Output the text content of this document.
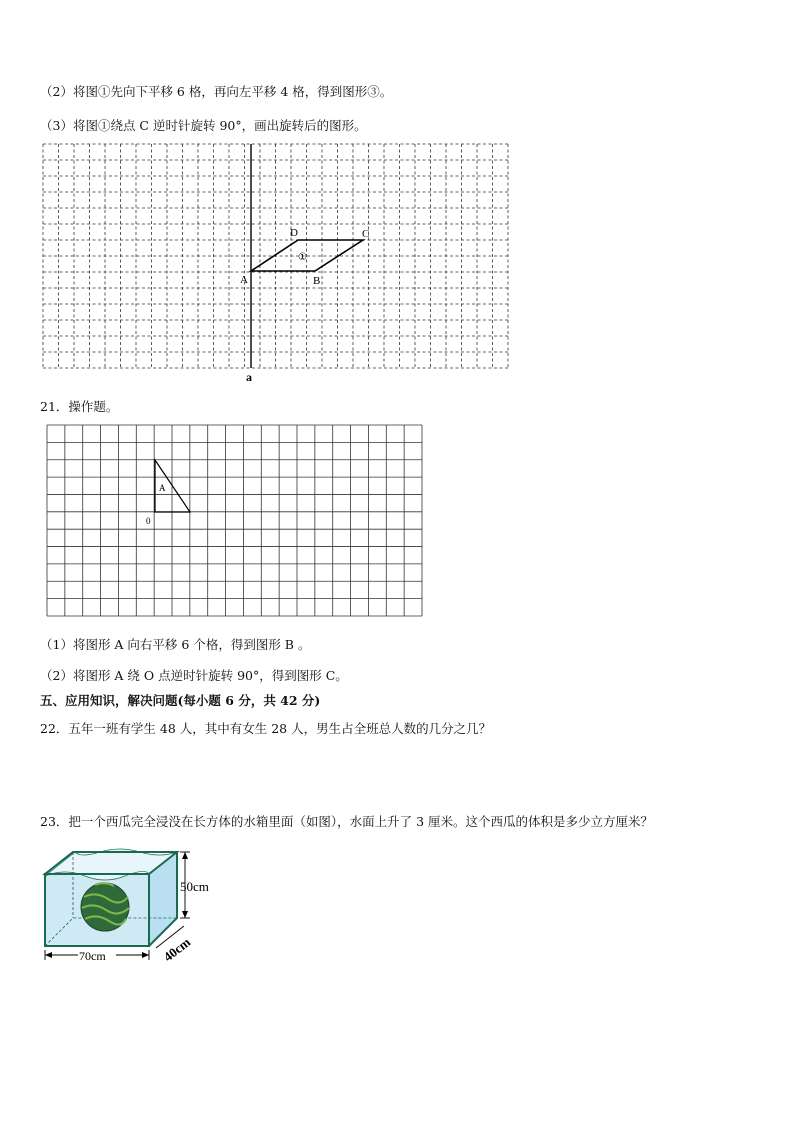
（2）将图①先向下平移 6 格，再向左平移 4 格，得到图形③。
（3）将图①绕点 C 逆时针旋转 90°，画出旋转后的图形。
A	B
C
D
①
a
21．操作题。
A
0
（1）将图形 A 向右平移 6 个格，得到图形 B 。
（2）将图形 A 绕 O 点逆时针旋转 90°，得到图形 C。
五、应用知识，解决问题(每小题 6 分，共 42 分)
22．五年一班有学生 48 人，其中有女生 28 人，男生占全班总人数的几分之几？
23．把一个西瓜完全浸没在长方体的水箱里面（如图），水面上升了 3 厘米。这个西瓜的体积是多少立方厘米？
50cm
70cm	40cm
